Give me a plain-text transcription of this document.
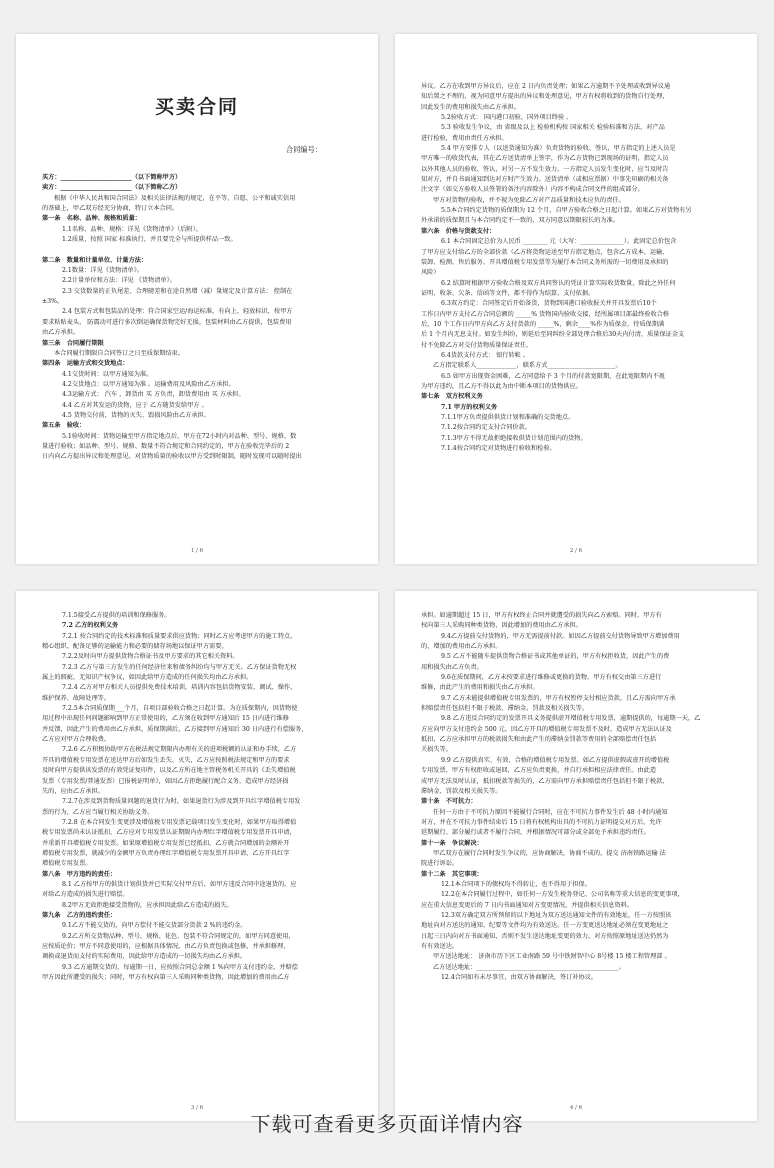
买卖合同
合同编号：
买方：_______________________（以下简称甲方）
卖方：_______________________（以下简称乙方）
根据《中华人民共和国合同法》及相关法律法规的规定，在平等、自愿、公平和诚实信用
的基础上，甲乙双方经充分协商，特订立本合同。
第一条　名称、品种、规格和质量：
1.1名称、品种、规格：详见《货物清单》（后附）。
1.2质量，按照 国家 标准执行，并且要完全与所提供样品一致。

第二条　数量和计量单位、计量方法：
2.1数量：详见《货物清单》。
2.2计量单位和方法：详见 《货物清单》。
2.3 交货数量的正负尾差、合理磅差和在途自然增（减）量规定及计算方法： 控制在
±3%。
2.4 包装方式和包装品的处理：符合国家空运/海运标准，有向上、轻放标识，按甲方
要求粘贴麦头， 防震动可进行多次倒运确保货物完好无损。包装材料由乙方提供，包装费用
由乙方承担。
第三条　合同履行期限
本合同履行期限自合同签订之日至质保期结束。
第四条　运输方式和交货地点：
4.1交货时间：以甲方通知为准。
4.2交货地点：以甲方通知为准 。运输费用及风险由乙方承担。
4.3运输方式： 汽车 ，卸货由 买 方负责，卸货费用由 买 方承担。
4.4 乙方对其发运的货物，应于 乙方随货发给甲方 。
4.5 货物交付前，货物的灭失、毁损风险由乙方承担。
第五条　验收：
5.1验收时间：货物运输至甲方指定地点后，甲方在72小时内对品种、型号、规格、数
量进行验收；如品种、型号、规格、数量不符合规定和合同约定的，甲方在验收完毕后的 2
日内向乙方提出异议和处理意见。对货物质量的验收以甲方受到时限制，随时发现可以随时提出
1 / 6
异议。乙方在收到甲方异议后，应在 2 日内负责处理；如果乙方逾期不予处理或收到异议通
知后置之不理的，视为同意甲方提出的异议和处理意见，甲方有权将收到的货物自行处理，
因此发生的费用和损失由乙方承担。
5.2验收方式： 国内港口初验，国外项目终验 。
5.3 验收发生争议，由 省级及以上 检验机构按 国家相关 检验标准和方法，对产品
进行检验，费用由责任方承担。
5.4 甲方安排专人（以送货通知为准）负责货物的验收、签认，甲方指定的上述人员是
甲方唯一的收货代表，其在乙方送货清单上签字，作为乙方货物已到现场的证明，指定人员
以外其他人员的验收、签认，对另一方不发生效力。一方指定人员发生变化时，应当及时告
知对方，并自书面通知到达对方时产生效力。送货清单（或相应票据）中事先印刷的相关备
注文字（如交方验收人员签署的备注内容除外）内容不构成合同文件的组成部分。
甲方对货物的验收，并不视为免除乙方对产品质量和技术应负的责任。
5.5本合同约定货物的质保期为 12 个月，自甲方验收合格之日起计算。如果乙方对货物有另
外承诺的质保期且与本合同约定不一致的，双方同意以期限较长的为准。
第六条　价格与货款支付：
6.1 本合同固定总价为人民币 ________ 元（大写：______________）。此固定总价包含
了甲方应支付给乙方的全部价款（乙方将货物运送至甲方指定地点，包含乙方成本、运输、
装卸、检测、售后服务、开具增值税专用发票等为履行本合同义务所需的一切费用及承担的
风险）
6.2 结算时根据甲方验收合格及双方共同签认的凭证计算实际收货数量，除此之外任何
证明、收条、欠条、信函等文件，都不得作为结算、支付依据。
6.3双方约定：合同签定后开始备货，货物到国港口验收报关并开具发票后10个
工作日内甲方支付乙方合同总额的 _____% 货物国内验收交接，经所属项目部最终验收合格
后，10 个工作日内甲方向乙方支付货款的 _____%，剩余____%作为质保金，待质保期满
后 1 个月内无息支付。如发生纠纷，则延后至同纠纷全部处理合格后30天内付清，质量保证金支
付不免除乙方对交付货物质量保证责任。
6.4货款支付方式： 银行转帐 。
乙方指定联系人_____________，联系方式______________________。
6.5 如甲方出现资金困难，乙方同意给予 3 个月的付款宽限期，在此宽限期内不视
为甲方违约，且乙方不得以此为由中断本项目的货物供应。
第七条　双方权利义务
7.1 甲方的权利义务
7.1.1甲方负责提供供货计划和准确的交货地点。
7.1.2按合同约定支付合同价款。
7.1.3甲方不得无故拒绝接收供货计划范围内的货物。
7.1.4按合同约定对货物进行验收和检验。
2 / 6
7.1.5接受乙方提供的培训和保修服务。
7.2 乙方的权利义务
7.2.1 按合同约定的技术标准和质量要求供应货物；同时乙方应考虑甲方的施工特点，
精心组织、配备足够的运输能力和必要的储存场地以保证甲方需要。
7.2.2及时向甲方提供货物合格证书及甲方要求的其它相关资料。
7.2.3 乙方与第三方发生的任何经济往来和债务纠纷均与甲方无关。乙方保证货物无权
属上的瑕疵、无知识产权争议，如因此给甲方造成的任何损失均由乙方承担。
7.2.4 乙方对甲方相关人员提供免费技术培训，培训内容包括货物安装、调试、操作、
维护保养、故障处理等。
7.2.5本合同质保期___个月，自项目部验收合格之日起计算。为在质保期内，因货物使
用过程中出现任何问题影响到甲方正常使用的，乙方须在收到甲方通知后 15 日内进行维修
并反馈，因此产生的费用由乙方承担。质保期满后，乙方接到甲方通知后 30 日内进行有偿服务，
乙方应对甲方合理收费。
7.2.6 乙方积极协助甲方在税法规定期限内办理有关的进项税额的认证和办手续，乙方
开具的增值税专用发票在送达甲方后如发生丢失、灭失，乙方应按照税法规定和甲方的要求
及时向甲方提供该发票的有效凭证复印件，以及乙方所在地主管税务机关开具的《丢失增值税
发票（专用发票/普通发票）已报税证明单》，如因乙方拒绝履行配合义务，造成甲方经济损
失的，应由乙方承担。
7.2.7在涉及到货物质量问题的退货行为时，如果退货行为涉及到开具红字增值税专用发
票的行为，乙方应当履行相关协助义务。
7.2.8 在本合同发生变更涉及增值税专用发票记载项目发生变化时，如果甲方取得增值
税专用发票尚未认证抵扣，乙方应对专用发票认证期限内办理红字增值税专用发票开具申请，
并重新开具增值税专用发票。如果原增值税专用发票已经抵扣，乙方就合同增加的金额补开
增值税专用发票，就减少的金额甲方负责办理红字增值税专用发票开具申请，乙方开具红字
增值税专用发票。
第八条　甲方违约的责任：
8.1 乙方按甲方的供货计划供货并已实际交付甲方后，如甲方违反合同中途退货的，应
对给乙方造成的损失进行赔偿。
8.2甲方无故拒绝接受货物的，应承担因此给乙方造成的损失。
第九条　乙方的违约责任：
9.1乙方不能交货的，向甲方偿付不能交货部分货款 2 %的违约金。
9.2乙方所交货物品种、型号、规格、花色、包装不符合同规定的，如甲方同意使用，
应按质论价；甲方不同意使用的，应根据具体情况，由乙方负责包换或包修，并承担修理、
调换或退货而支付的实际费用，因此给甲方造成的一切损失均由乙方承担。
9.3 乙方逾期交货的，每逾期一日，应按照合同总金额 1 %向甲方支付违约金，并赔偿
甲方因此所遭受的损失；同时，甲方有权向第三人采购同种类货物，因此增加的费用由乙方
3 / 6
承担。如逾期超过 15 日，甲方有权终止合同并就遭受的损失向乙方索赔。同时，甲方有
权向第三人采购同种类货物，因此增加的费用由乙方承担。
9.4乙方提前交付货物的，甲方无需提前付款。如因乙方提前交付货物导致甲方增加费用
的，增加的费用由乙方承担。
9.5 乙方不能随车提供货物合格证书或其他单证的，甲方有权拒收货，因此产生的费
用和损失由乙方负责。
9.6在质保期间，乙方未按要求进行维修或更换的货物，甲方有权交由第三方进行
维修，由此产生的费用和损失由乙方承担。
9.7 乙方未能提供增值税专用发票的，甲方有权暂停支付相应货款，且乙方需向甲方承
担赔偿责任包括但不限于税款、滞纳金、罚款及相关损失等。
9.8 乙方违反合同约定的发票开具义务提供虚开增值税专用发票，逾期提供的，每逾期一天，乙
方应向甲方支付违约金 500 元。因乙方开具的增值税专用发票不及时，造成甲方无法认证及
抵扣，乙方应承担甲方的税款损失和由此产生的滞纳金罚款等费用的全部赔偿责任包括
关损失等。
9.9 乙方提供真实、有效、合格的增值税专用发票。如乙方提供虚假或虚开的增值税
专用发票，甲方有权拒收或退回，乙方应负责更换，并自行承担相应法律责任。由此造
成甲方无法及时认证，抵扣税款等损失的，乙方需向甲方承担赔偿责任包括但不限于税款、
滞纳金、罚款及相关损失等。
第十条　不可抗力：
任何一方由于不可抗力原因不能履行合同时，应在不可抗力事件发生后 48 小时内通知
对方，并在不可抗力事件结束后 15 日将有权机构出具的不可抗力证明提交对方后，允许
延期履行、部分履行或者不履行合同，并根据情况可部分或全部免予承担违约责任。
第十一条　争议解决：
甲乙双方在履行合同时发生争议的，应协商解决，协商不成的，提交 济南铁路运输 法
院进行诉讼。
第十二条　其它事项：
12.1本合同项下的债权均不得转让，也不得用于担保。
12.2在本合同履行过程中，如任何一方发生税务登记、公司名称等重大信息的变更事项，
应在重大信息变更后的 7 日内书面通知对方变更情况，并提供相关信息资料。
12.3双方确定双方所预留的以下地址为双方送达通知文件的有效地址，任一方按照该
地址向对方送达的通知、纪要等文件均为有效送达。任一方变更送达地址必须在变更地址之
日起三日内向对方书面通知，否则不发生送达地址变更的效力，对方按照原地址送达仍然为
有有效送达。
甲方送达地址： 济南市历下区工业南路 59 号中铁财智中心 8号楼 15 楼工程管理部 。
乙方送达地址：______________________________________________。
12.4合同如有未尽事宜，由双方协商解决，签订补协议。
4 / 6
下载可查看更多页面详情内容
